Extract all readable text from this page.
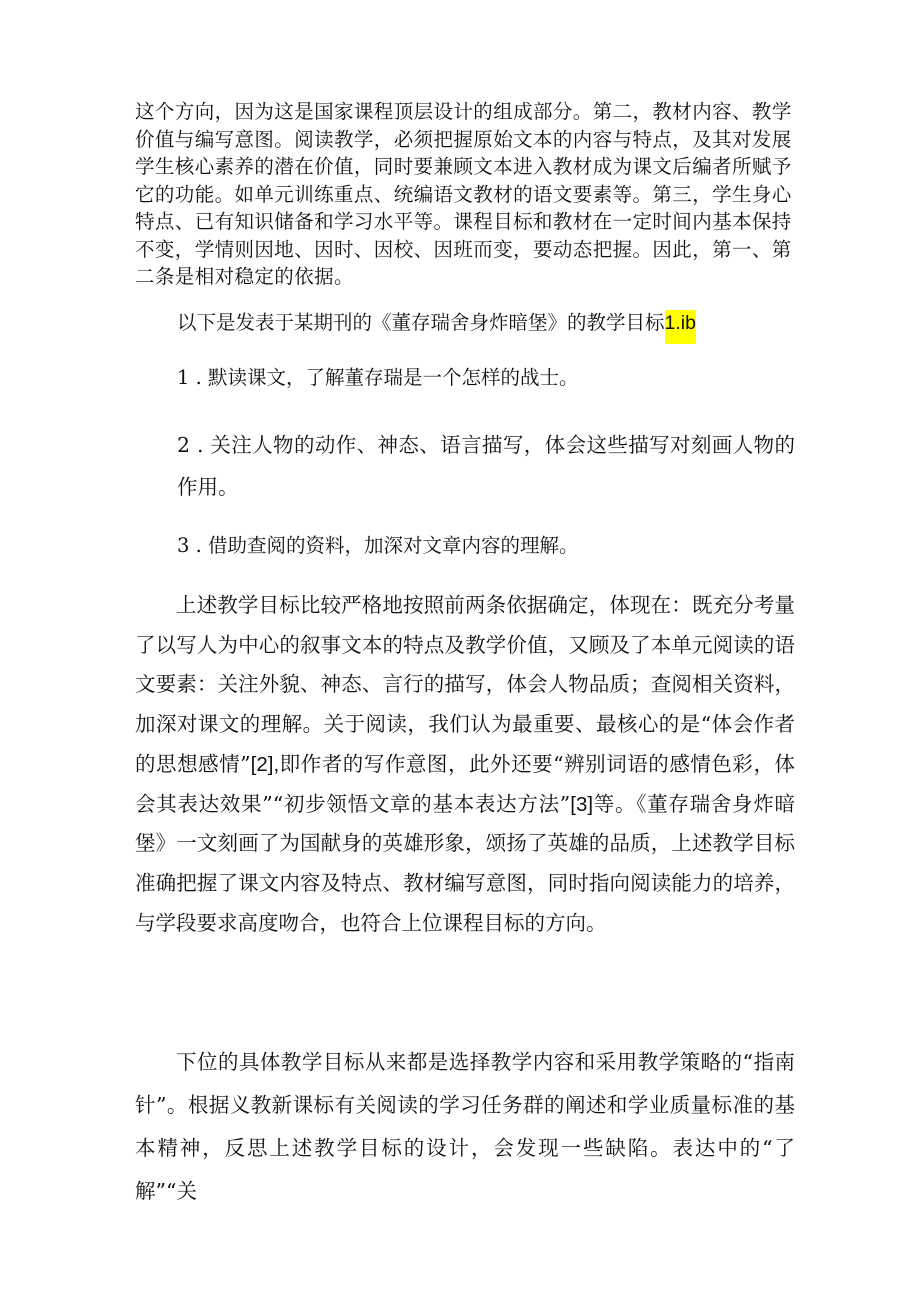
这个方向，因为这是国家课程顶层设计的组成部分。第二，教材内容、教学价值与编写意图。阅读教学，必须把握原始文本的内容与特点，及其对发展学生核心素养的潜在价值，同时要兼顾文本进入教材成为课文后编者所赋予它的功能。如单元训练重点、统编语文教材的语文要素等。第三，学生身心特点、已有知识储备和学习水平等。课程目标和教材在一定时间内基本保持不变，学情则因地、因时、因校、因班而变，要动态把握。因此，第一、第二条是相对稳定的依据。

以下是发表于某期刊的《董存瑞舍身炸暗堡》的教学目标1.ib

1 . 默读课文，了解董存瑞是一个怎样的战士。

2 . 关注人物的动作、神态、语言描写，体会这些描写对刻画人物的作用。

3 . 借助查阅的资料，加深对文章内容的理解。

上述教学目标比较严格地按照前两条依据确定，体现在：既充分考量了以写人为中心的叙事文本的特点及教学价值，又顾及了本单元阅读的语文要素：关注外貌、神态、言行的描写，体会人物品质；查阅相关资料，加深对课文的理解。关于阅读，我们认为最重要、最核心的是“体会作者的思想感情”[2],即作者的写作意图，此外还要“辨别词语的感情色彩，体会其表达效果”“初步领悟文章的基本表达方法”[3]等。《董存瑞舍身炸暗堡》一文刻画了为国献身的英雄形象，颂扬了英雄的品质，上述教学目标准确把握了课文内容及特点、教材编写意图，同时指向阅读能力的培养，与学段要求高度吻合，也符合上位课程目标的方向。

下位的具体教学目标从来都是选择教学内容和采用教学策略的“指南针”。根据义教新课标有关阅读的学习任务群的阐述和学业质量标准的基本精神，反思上述教学目标的设计，会发现一些缺陷。表达中的“了解”“关
